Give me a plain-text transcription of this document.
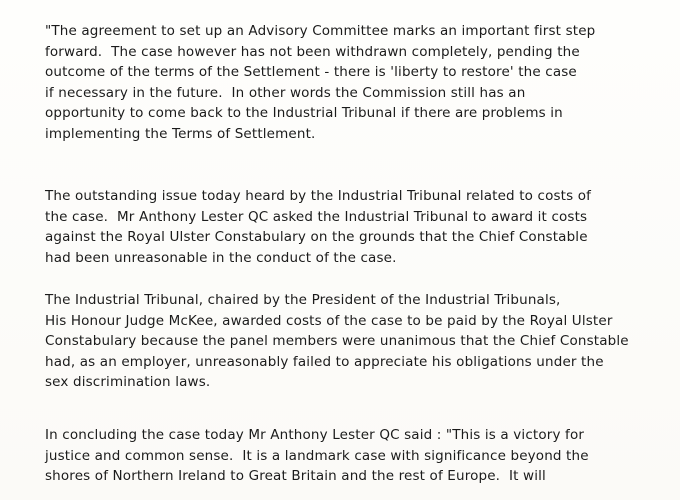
"The agreement to set up an Advisory Committee marks an important first step
forward.  The case however has not been withdrawn completely, pending the
outcome of the terms of the Settlement - there is 'liberty to restore' the case
if necessary in the future.  In other words the Commission still has an
opportunity to come back to the Industrial Tribunal if there are problems in
implementing the Terms of Settlement.

The outstanding issue today heard by the Industrial Tribunal related to costs of
the case.  Mr Anthony Lester QC asked the Industrial Tribunal to award it costs
against the Royal Ulster Constabulary on the grounds that the Chief Constable
had been unreasonable in the conduct of the case.

The Industrial Tribunal, chaired by the President of the Industrial Tribunals,
His Honour Judge McKee, awarded costs of the case to be paid by the Royal Ulster
Constabulary because the panel members were unanimous that the Chief Constable
had, as an employer, unreasonably failed to appreciate his obligations under the
sex discrimination laws.

In concluding the case today Mr Anthony Lester QC said : "This is a victory for
justice and common sense.  It is a landmark case with significance beyond the
shores of Northern Ireland to Great Britain and the rest of Europe.  It will
